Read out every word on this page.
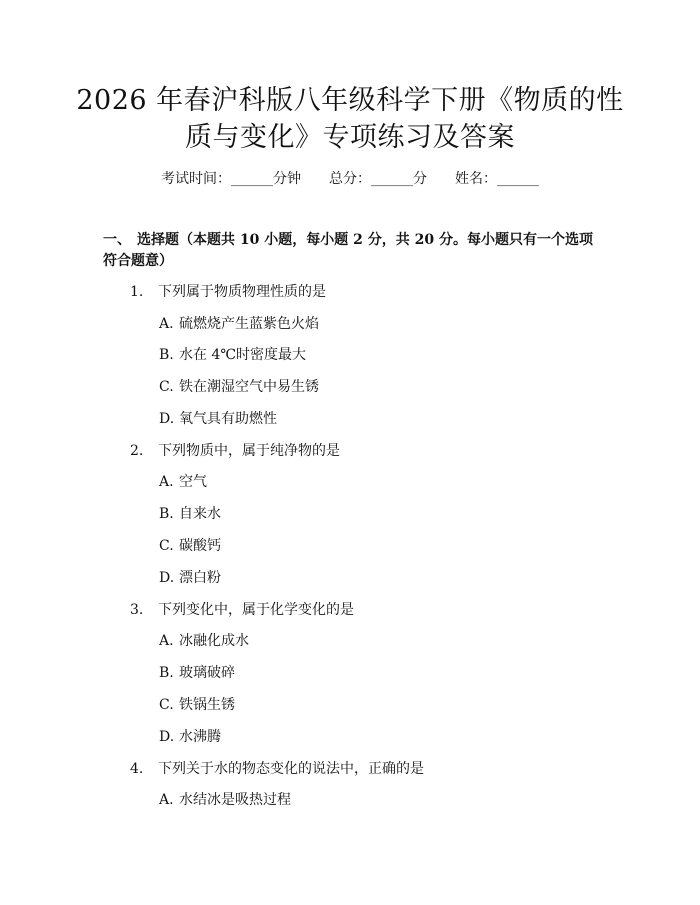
2026 年春沪科版八年级科学下册《物质的性
质与变化》专项练习及答案
考试时间：______分钟 总分：______分 姓名：______
一、 选择题（本题共 10 小题，每小题 2 分，共 20 分。每小题只有一个选项符合题意）
1. 下列属于物质物理性质的是
A. 硫燃烧产生蓝紫色火焰
B. 水在 4℃时密度最大
C. 铁在潮湿空气中易生锈
D. 氧气具有助燃性
2. 下列物质中，属于纯净物的是
A. 空气
B. 自来水
C. 碳酸钙
D. 漂白粉
3. 下列变化中，属于化学变化的是
A. 冰融化成水
B. 玻璃破碎
C. 铁锅生锈
D. 水沸腾
4. 下列关于水的物态变化的说法中，正确的是
A. 水结冰是吸热过程
